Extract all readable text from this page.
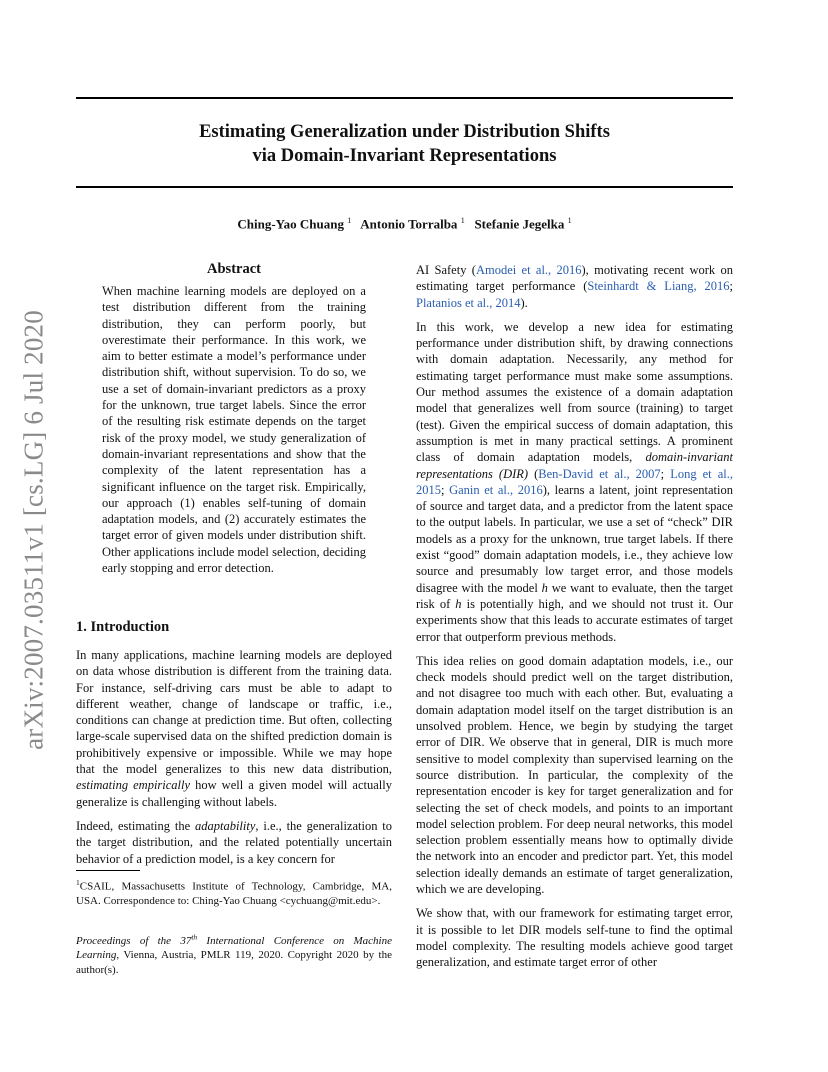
Estimating Generalization under Distribution Shifts
via Domain-Invariant Representations
Ching-Yao Chuang $^1$ Antonio Torralba $^1$ Stefanie Jegelka $^1$
arXiv:2007.03511v1 [cs.LG] 6 Jul 2020
Abstract
When machine learning models are deployed on a test distribution different from the training distribution, they can perform poorly, but overestimate their performance. In this work, we aim to better estimate a model’s performance under distribution shift, without supervision. To do so, we use a set of domain-invariant predictors as a proxy for the unknown, true target labels. Since the error of the resulting risk estimate depends on the target risk of the proxy model, we study generalization of domain-invariant representations and show that the complexity of the latent representation has a significant influence on the target risk. Empirically, our approach (1) enables self-tuning of domain adaptation models, and (2) accurately estimates the target error of given models under distribution shift. Other applications include model selection, deciding early stopping and error detection.
1. Introduction

In many applications, machine learning models are deployed on data whose distribution is different from the training data. For instance, self-driving cars must be able to adapt to different weather, change of landscape or traffic, i.e., conditions can change at prediction time. But often, collecting large-scale supervised data on the shifted prediction domain is prohibitively expensive or impossible. While we may hope that the model generalizes to this new data distribution, estimating empirically how well a given model will actually generalize is challenging without labels.

Indeed, estimating the adaptability, i.e., the generalization to the target distribution, and the related potentially uncertain behavior of a prediction model, is a key concern for

$^1$CSAIL, Massachusetts Institute of Technology, Cambridge, MA, USA. Correspondence to: Ching-Yao Chuang <cychuang@mit.edu>.
Proceedings of the 37th International Conference on Machine Learning, Vienna, Austria, PMLR 119, 2020. Copyright 2020 by the author(s).

AI Safety (Amodei et al., 2016), motivating recent work on estimating target performance (Steinhardt & Liang, 2016; Platanios et al., 2014).

In this work, we develop a new idea for estimating performance under distribution shift, by drawing connections with domain adaptation. Necessarily, any method for estimating target performance must make some assumptions. Our method assumes the existence of a domain adaptation model that generalizes well from source (training) to target (test). Given the empirical success of domain adaptation, this assumption is met in many practical settings. A prominent class of domain adaptation models, domain-invariant representations (DIR) (Ben-David et al., 2007; Long et al., 2015; Ganin et al., 2016), learns a latent, joint representation of source and target data, and a predictor from the latent space to the output labels. In particular, we use a set of “check” DIR models as a proxy for the unknown, true target labels. If there exist “good” domain adaptation models, i.e., they achieve low source and presumably low target error, and those models disagree with the model h we want to evaluate, then the target risk of h is potentially high, and we should not trust it. Our experiments show that this leads to accurate estimates of target error that outperform previous methods.

This idea relies on good domain adaptation models, i.e., our check models should predict well on the target distribution, and not disagree too much with each other. But, evaluating a domain adaptation model itself on the target distribution is an unsolved problem. Hence, we begin by studying the target error of DIR. We observe that in general, DIR is much more sensitive to model complexity than supervised learning on the source distribution. In particular, the complexity of the representation encoder is key for target generalization and for selecting the set of check models, and points to an important model selection problem. For deep neural networks, this model selection problem essentially means how to optimally divide the network into an encoder and predictor part. Yet, this model selection ideally demands an estimate of target generalization, which we are developing.

We show that, with our framework for estimating target error, it is possible to let DIR models self-tune to find the optimal model complexity. The resulting models achieve good target generalization, and estimate target error of other
